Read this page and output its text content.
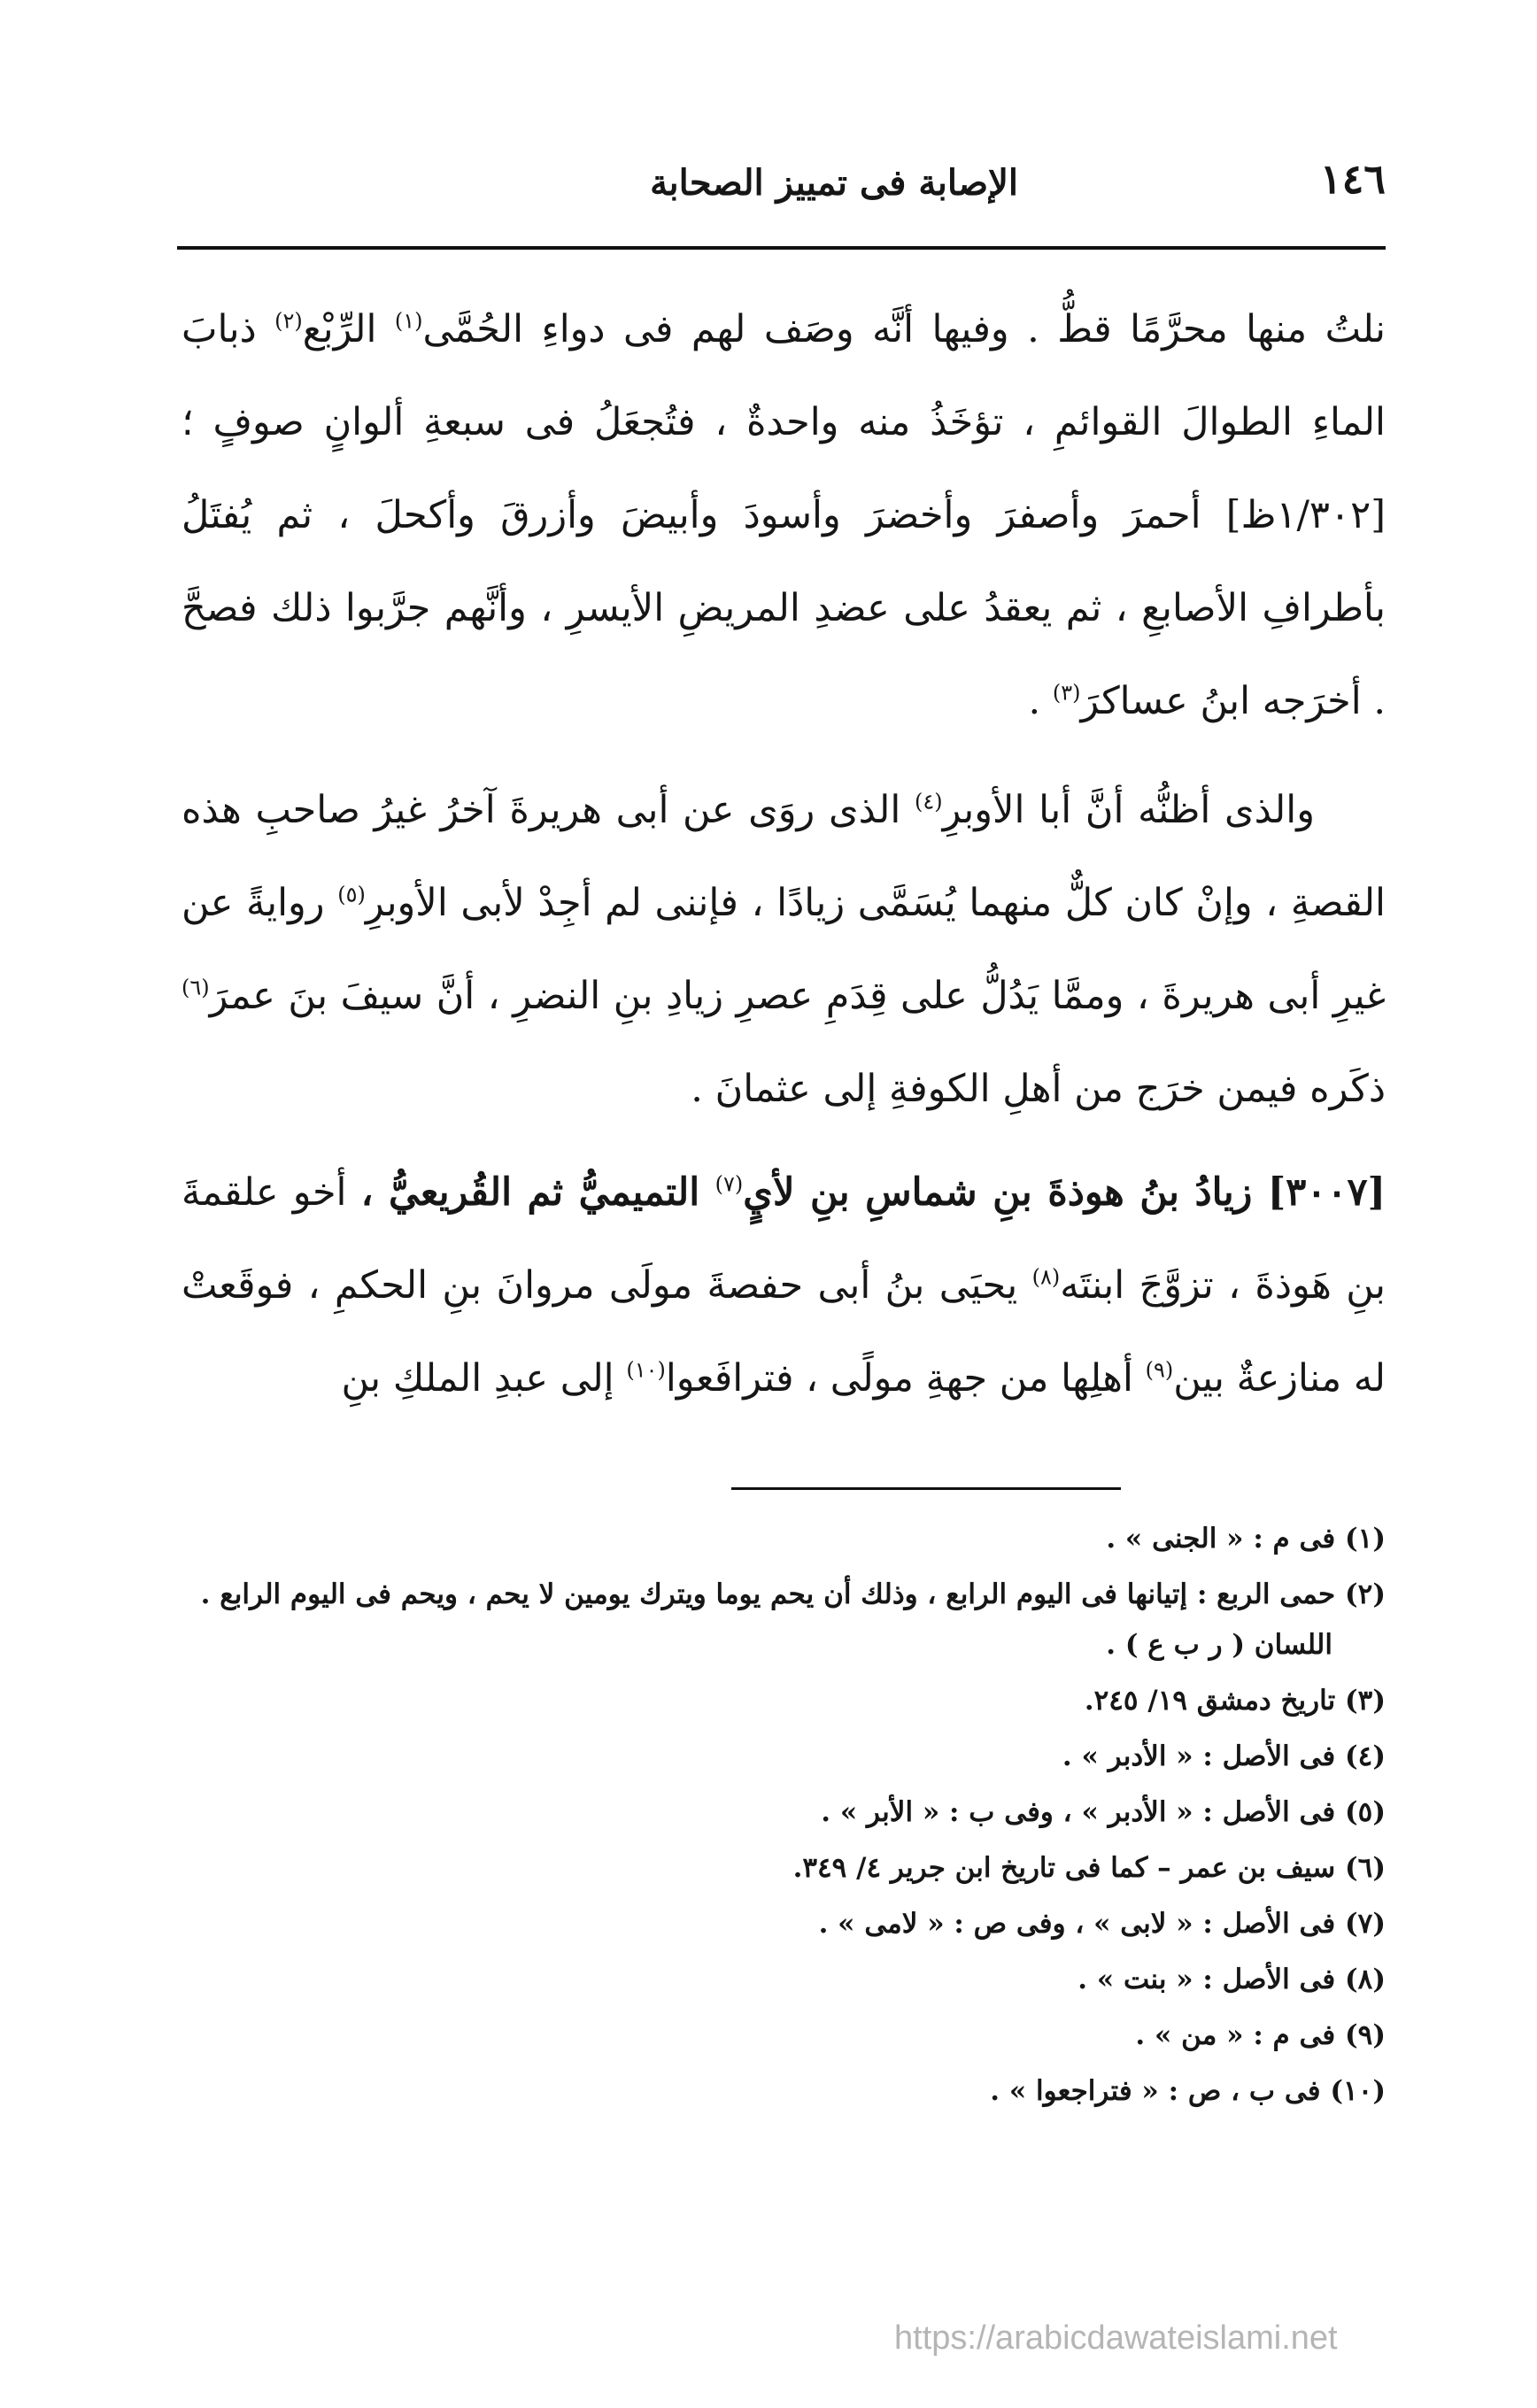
١٤٦
الإصابة فى تمييز الصحابة

نلتُ منها محرَّمًا قطُّ . وفيها أنَّه وصَف لهم فى دواءِ الحُمَّى$^{(١)}$ الرِّبْع$^{(٢)}$ ذبابَ الماءِ الطوالَ القوائمِ ، تؤخَذُ منه واحدةٌ ، فتُجعَلُ فى سبعةِ ألوانٍ صوفٍ ؛ [١/٣٠٢ظ] أحمرَ وأصفرَ وأخضرَ وأسودَ وأبيضَ وأزرقَ وأكحلَ ، ثم يُفتَلُ بأطرافِ الأصابعِ ، ثم يعقدُ على عضدِ المريضِ الأيسرِ ، وأنَّهم جرَّبوا ذلك فصحَّ . أخرَجه ابنُ عساكرَ$^{(٣)}$ .

والذى أظنُّه أنَّ أبا الأوبرِ$^{(٤)}$ الذى روَى عن أبى هريرةَ آخرُ غيرُ صاحبِ هذه القصةِ ، وإنْ كان كلٌّ منهما يُسَمَّى زيادًا ، فإننى لم أجِدْ لأبى الأوبرِ$^{(٥)}$ روايةً عن غيرِ أبى هريرةَ ، وممَّا يَدُلُّ على قِدَمِ عصرِ زيادِ بنِ النضرِ ، أنَّ سيفَ بنَ عمرَ$^{(٦)}$ ذكَره فيمن خرَج من أهلِ الكوفةِ إلى عثمانَ .

[٣٠٠٧] زيادُ بنُ هوذةَ بنِ شماسِ بنِ لأيٍ$^{(٧)}$ التميميُّ ثم القُريعيُّ ، أخو علقمةَ بنِ هَوذةَ ، تزوَّجَ ابنتَه$^{(٨)}$ يحيَى بنُ أبى حفصةَ مولَى مروانَ بنِ الحكمِ ، فوقَعتْ له منازعةٌ بين$^{(٩)}$ أهلِها من جهةِ مولًى ، فترافَعوا$^{(١٠)}$ إلى عبدِ الملكِ بنِ

(١) فى م : « الجنى » .
(٢) حمى الربع : إتيانها فى اليوم الرابع ، وذلك أن يحم يوما ويترك يومين لا يحم ، ويحم فى اليوم الرابع .
اللسان ( ر ب ع ) .
(٣) تاريخ دمشق ١٩/ ٢٤٥.
(٤) فى الأصل : « الأدبر » .
(٥) فى الأصل : « الأدبر » ، وفى ب : « الأبر » .
(٦) سيف بن عمر – كما فى تاريخ ابن جرير ٤/ ٣٤٩.
(٧) فى الأصل : « لابى » ، وفى ص : « لامى » .
(٨) فى الأصل : « بنت » .
(٩) فى م : « من » .
(١٠) فى ب ، ص : « فتراجعوا » .
https://arabicdawateislami.net
